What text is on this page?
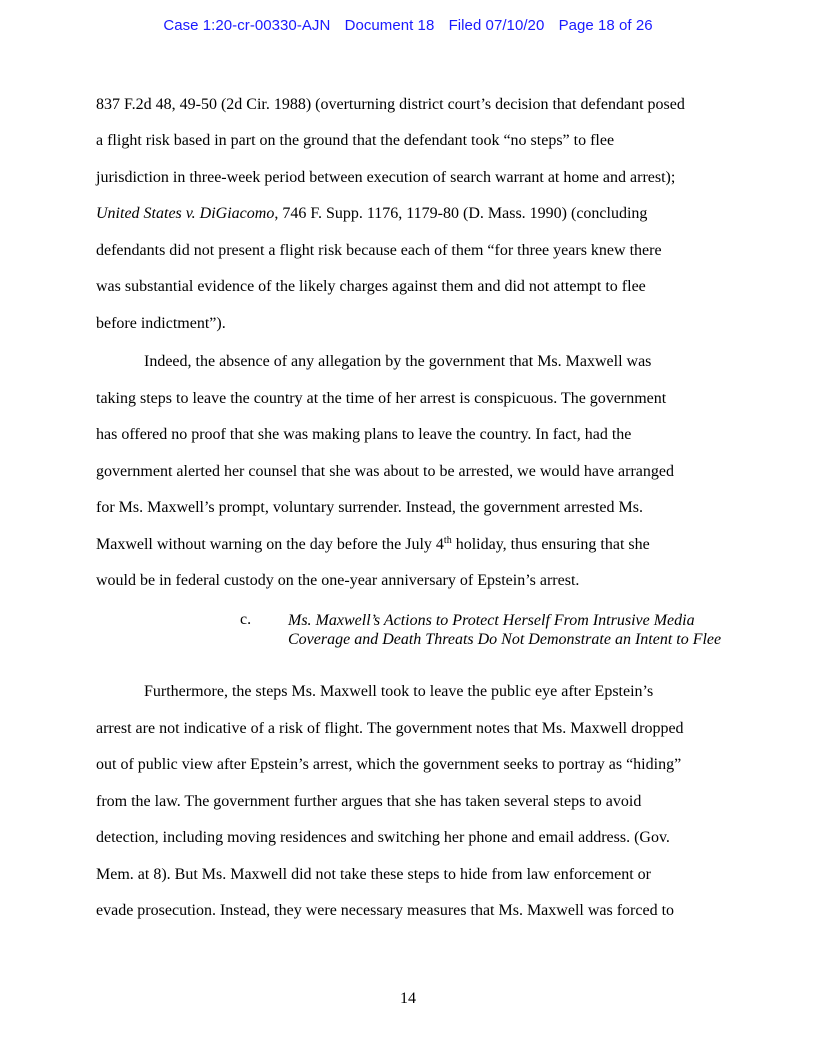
Case 1:20-cr-00330-AJN Document 18 Filed 07/10/20 Page 18 of 26
837 F.2d 48, 49-50 (2d Cir. 1988) (overturning district court’s decision that defendant posed
a flight risk based in part on the ground that the defendant took “no steps” to flee
jurisdiction in three-week period between execution of search warrant at home and arrest);
United States v. DiGiacomo, 746 F. Supp. 1176, 1179-80 (D. Mass. 1990) (concluding
defendants did not present a flight risk because each of them “for three years knew there
was substantial evidence of the likely charges against them and did not attempt to flee
before indictment”).
Indeed, the absence of any allegation by the government that Ms. Maxwell was
taking steps to leave the country at the time of her arrest is conspicuous. The government
has offered no proof that she was making plans to leave the country. In fact, had the
government alerted her counsel that she was about to be arrested, we would have arranged
for Ms. Maxwell’s prompt, voluntary surrender. Instead, the government arrested Ms.
Maxwell without warning on the day before the July 4th holiday, thus ensuring that she
would be in federal custody on the one-year anniversary of Epstein’s arrest.
Furthermore, the steps Ms. Maxwell took to leave the public eye after Epstein’s
arrest are not indicative of a risk of flight. The government notes that Ms. Maxwell dropped
out of public view after Epstein’s arrest, which the government seeks to portray as “hiding”
from the law. The government further argues that she has taken several steps to avoid
detection, including moving residences and switching her phone and email address. (Gov.
Mem. at 8). But Ms. Maxwell did not take these steps to hide from law enforcement or
evade prosecution. Instead, they were necessary measures that Ms. Maxwell was forced to
c. Ms. Maxwell’s Actions to Protect Herself From Intrusive Media Coverage and Death Threats Do Not Demonstrate an Intent to Flee
14
